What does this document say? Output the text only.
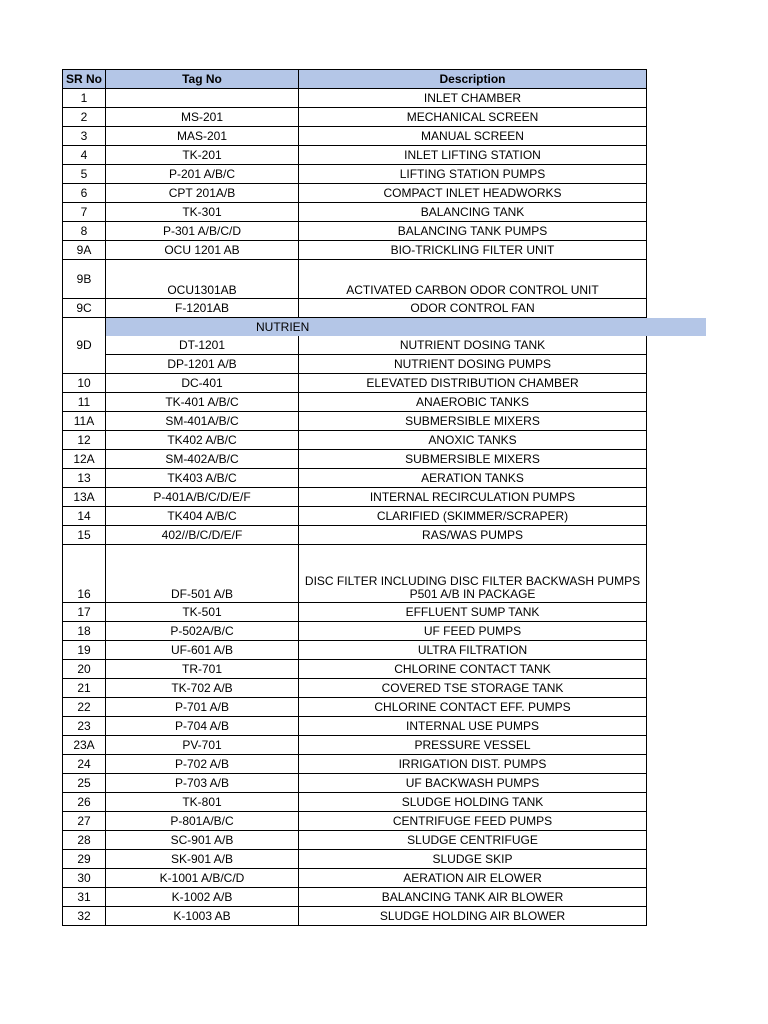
SR No	Tag No	Description
1		INLET CHAMBER
2	MS-201	MECHANICAL SCREEN
3	MAS-201	MANUAL SCREEN
4	TK-201	INLET LIFTING STATION
5	P-201 A/B/C	LIFTING STATION PUMPS
6	CPT 201A/B	COMPACT INLET HEADWORKS
7	TK-301	BALANCING TANK
8	P-301 A/B/C/D	BALANCING TANK PUMPS
9A	OCU 1201 AB	BIO-TRICKLING FILTER UNIT
9B	OCU1301AB	ACTIVATED CARBON ODOR CONTROL UNIT
9C	F-1201AB	ODOR CONTROL FAN
9D	NUTRIEN	

	DT-1201	NUTRIENT DOSING TANK
	DP-1201 A/B	NUTRIENT DOSING PUMPS
10	DC-401	ELEVATED DISTRIBUTION CHAMBER
11	TK-401 A/B/C	ANAEROBIC TANKS
11A	SM-401A/B/C	SUBMERSIBLE MIXERS
12	TK402 A/B/C	ANOXIC TANKS
12A	SM-402A/B/C	SUBMERSIBLE MIXERS
13	TK403 A/B/C	AERATION TANKS
13A	P-401A/B/C/D/E/F	INTERNAL RECIRCULATION PUMPS
14	TK404 A/B/C	CLARIFIED (SKIMMER/SCRAPER)
15	402//B/C/D/E/F	RAS/WAS PUMPS
16	DF-501 A/B	DISC FILTER INCLUDING DISC FILTER BACKWASH PUMPS P501 A/B IN PACKAGE
17	TK-501	EFFLUENT SUMP TANK
18	P-502A/B/C	UF FEED PUMPS
19	UF-601 A/B	ULTRA FILTRATION
20	TR-701	CHLORINE CONTACT TANK
21	TK-702 A/B	COVERED TSE STORAGE TANK
22	P-701 A/B	CHLORINE CONTACT EFF. PUMPS
23	P-704 A/B	INTERNAL USE PUMPS
23A	PV-701	PRESSURE VESSEL
24	P-702 A/B	IRRIGATION DIST. PUMPS
25	P-703 A/B	UF BACKWASH PUMPS
26	TK-801	SLUDGE HOLDING TANK
27	P-801A/B/C	CENTRIFUGE FEED PUMPS
28	SC-901 A/B	SLUDGE CENTRIFUGE
29	SK-901 A/B	SLUDGE SKIP
30	K-1001 A/B/C/D	AERATION AIR ELOWER
31	K-1002 A/B	BALANCING TANK AIR BLOWER
32	K-1003 AB	SLUDGE HOLDING AIR BLOWER
